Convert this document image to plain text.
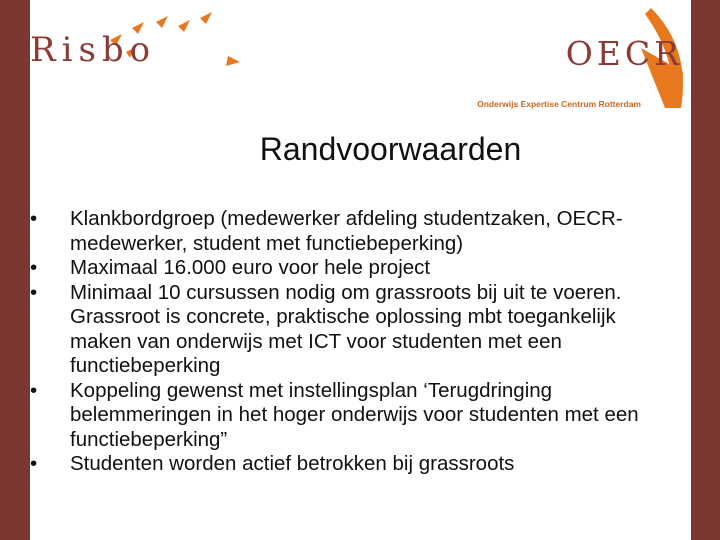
Risbo	OECR
Onderwijs Expertise Centrum Rotterdam
Randvoorwaarden
• Klankbordgroep (medewerker afdeling studentzaken, OECR-medewerker, student met functiebeperking)
• Maximaal 16.000 euro voor hele project
• Minimaal 10 cursussen nodig om grassroots bij uit te voeren. Grassroot is concrete, praktische oplossing mbt toegankelijk maken van onderwijs met ICT voor studenten met een functiebeperking
• Koppeling gewenst met instellingsplan ‘Terugdringing belemmeringen in het hoger onderwijs voor studenten met een functiebeperking”
• Studenten worden actief betrokken bij grassroots
